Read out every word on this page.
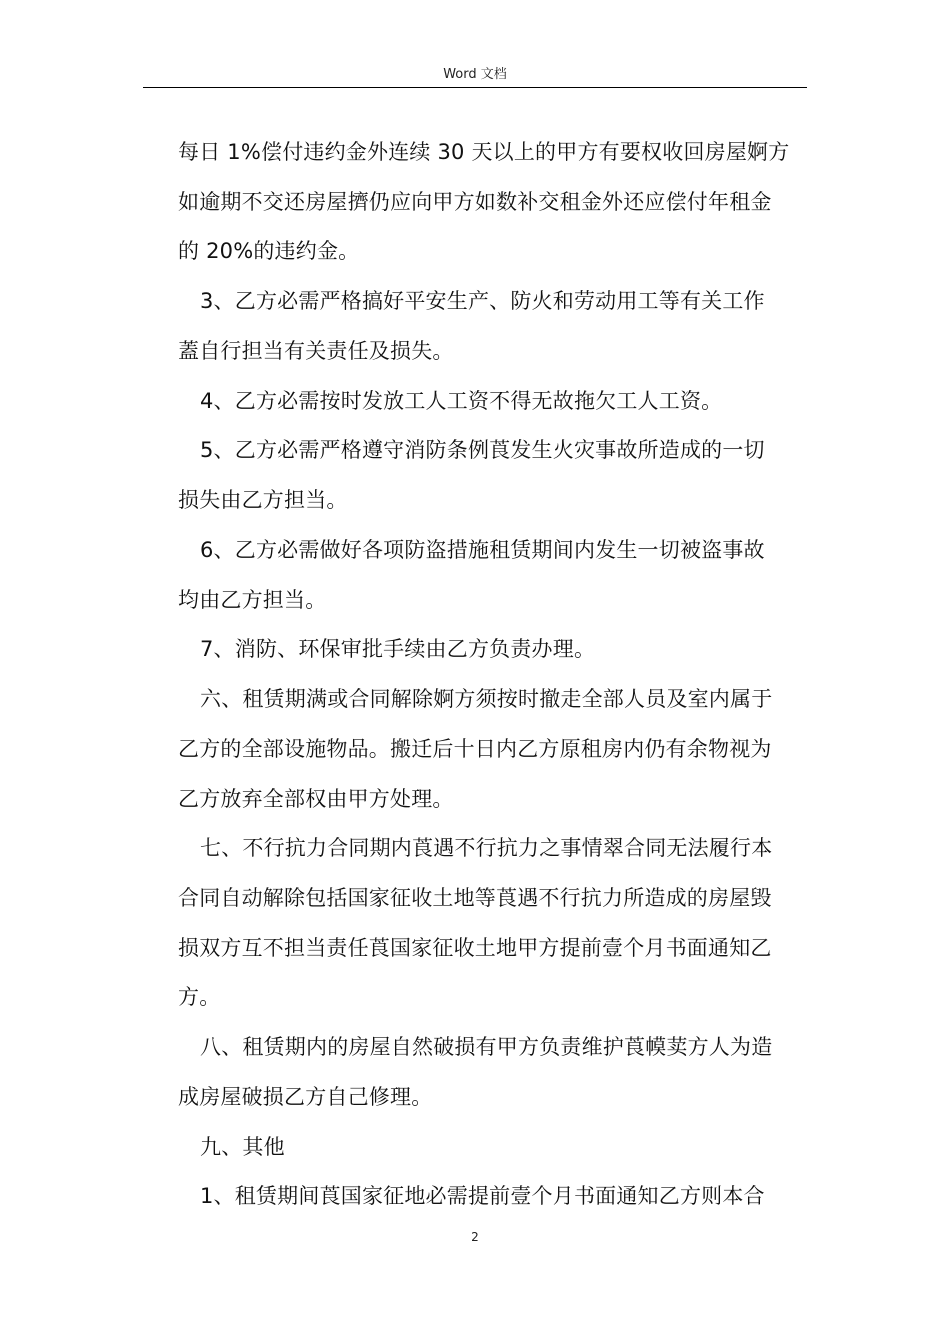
Word 文档
每日 1%偿付违约金外连续 30 天以上的甲方有要权收回房屋婀方
如逾期不交还房屋擠仍应向甲方如数补交租金外还应偿付年租金
的 20%的违约金。
3、乙方必需严格搞好平安生产、防火和劳动用工等有关工作
蓋自行担当有关责任及损失。
4、乙方必需按时发放工人工资不得无故拖欠工人工资。
5、乙方必需严格遵守消防条例莨发生火灾事故所造成的一切
损失由乙方担当。
6、乙方必需做好各项防盗措施租赁期间内发生一切被盗事故
均由乙方担当。
7、消防、环保审批手续由乙方负责办理。
六、租赁期满或合同解除婀方须按时撤走全部人员及室内属于
乙方的全部设施物品。搬迁后十日内乙方原租房内仍有余物视为
乙方放弃全部权由甲方处理。
七、不行抗力合同期内莨遇不行抗力之事情翠合同无法履行本
合同自动解除包括国家征收土地等莨遇不行抗力所造成的房屋毁
损双方互不担当责任莨国家征收土地甲方提前壹个月书面通知乙
方。
八、租赁期内的房屋自然破损有甲方负责维护莨幙荬方人为造
成房屋破损乙方自己修理。
九、其他
1、租赁期间莨国家征地必需提前壹个月书面通知乙方则本合
2
